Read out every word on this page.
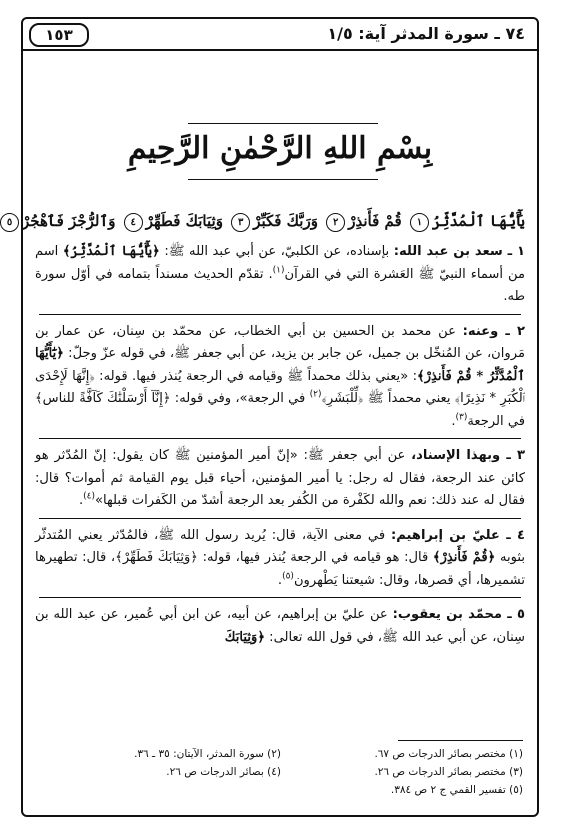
٧٤ ـ سورة المدثر آية: ١/٥
١٥٣
بِسْمِ اللهِ الرَّحْمٰنِ الرَّحِيمِ
يَٰٓأَيُّهَا ٱلْمُدَّثِّرُ١ قُمْ فَأَنذِرْ٢ وَرَبَّكَ فَكَبِّرْ٣ وَثِيَابَكَ فَطَهِّرْ٤ وَٱلرُّجْزَ فَٱهْجُرْ٥

١ ـ سعد بن عبد الله: بإسناده، عن الكلبيّ، عن أبي عبد الله ﷺ: ﴿يَٰٓأَيُّهَا ٱلْمُدَّثِّرُ﴾ اسم من أسماء النبيّ ﷺ العَشرة التي في القرآن$^{(١)}$. تقدّم الحديث مسنداً بتمامه في أوّل سورة طه.

٢ ـ وعنه: عن محمد بن الحسين بن أبي الخطاب، عن محمّد بن سِنان، عن عمار بن مَروان، عن المُنخّل بن جميل، عن جابر بن يزيد، عن أبي جعفر ﷺ، في قوله عزّ وجلّ: ﴿يَٰٓأَيُّهَا ٱلْمُدَّثِّرُ * قُمْ فَأَنذِرْ﴾: «يعني بذلك محمداً ﷺ وقيامه في الرجعة يُنذر فيها. قوله: ﴿إِنَّهَا لَإِحْدَى ٱلْكُبَرِ * نَذِيرًا﴾ يعني محمداً ﷺ ﴿لِّلْبَشَرِ﴾$^{(٢)}$ في الرجعة»، وفي قوله: ﴿إِنَّآ أَرْسَلْنَٰكَ كَآفَّةً للناس﴾ في الرجعة$^{(٣)}$.

٣ ـ وبهذا الإسناد، عن أبي جعفر ﷺ: «إنّ أمير المؤمنين ﷺ كان يقول: إنّ المُدّثر هو كائن عند الرجعة، فقال له رجل: يا أمير المؤمنين، أحياء قبل يوم القيامة ثم أموات؟ قال: فقال له عند ذلك: نعم والله لكَفْرة من الكُفر بعد الرجعة أشدّ من الكَفرات قبلها»$^{(٤)}$.

٤ ـ عليّ بن إبراهيم: في معنى الآية، قال: يُريد رسول الله ﷺ، فالمُدّثر يعني المُتدثّر بثوبه ﴿قُمْ فَأَنذِرْ﴾ قال: هو قيامه في الرجعة يُنذر فيها، قوله: ﴿وَثِيَابَكَ فَطَهِّرْ﴾، قال: تطهيرها تشميرها، أي قصرها، وقال: شيعتنا يَطْهرون$^{(٥)}$.

٥ ـ محمّد بن يعقوب: عن عليّ بن إبراهيم، عن أبيه، عن ابن أبي عُمير، عن عبد الله بن سِنان، عن أبي عبد الله ﷺ، في قول الله تعالى: ﴿وَثِيَابَكَ

(١) مختصر بصائر الدرجات ص ٦٧.
(٢) سورة المدثر، الآيتان: ٣٥ ـ ٣٦.
(٣) مختصر بصائر الدرجات ص ٢٦.
(٤) بصائر الدرجات ص ٢٦.
(٥) تفسير القمي ج ٢ ص ٣٨٤.
